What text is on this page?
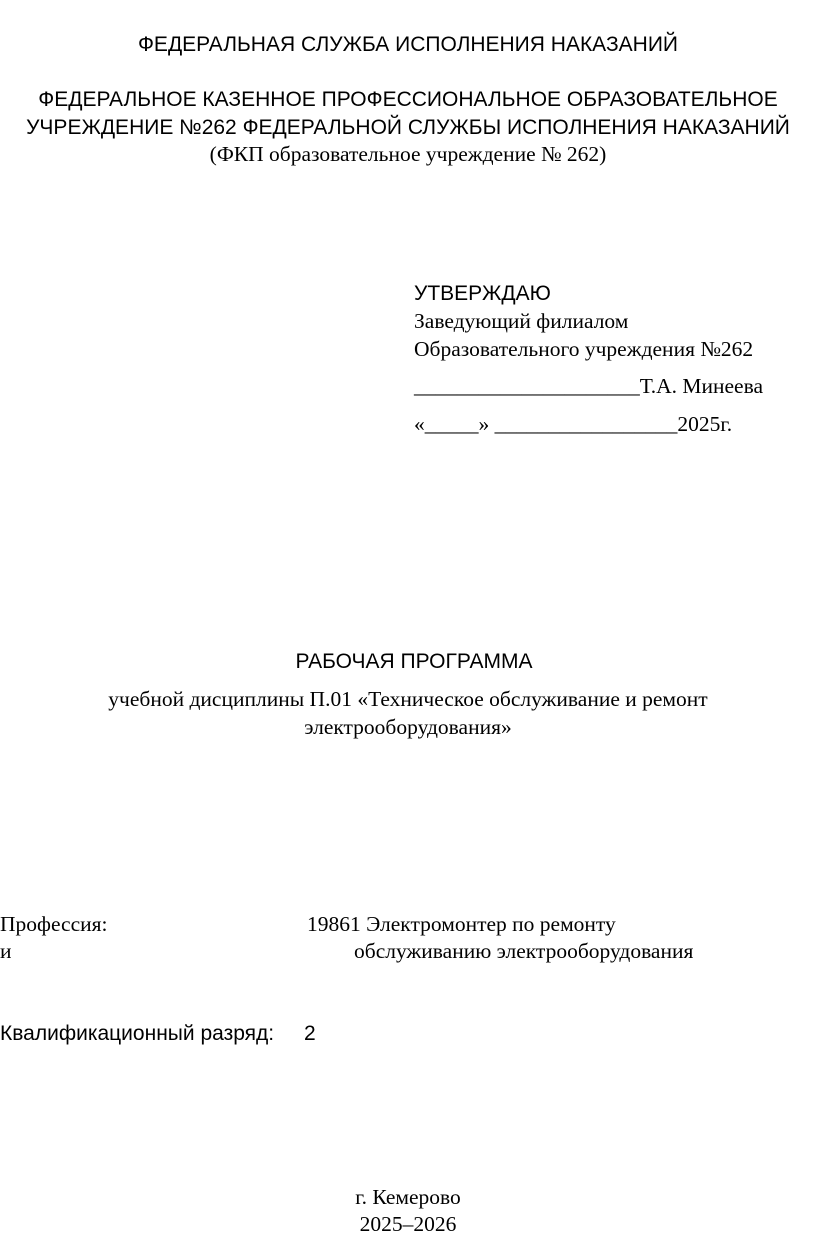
ФЕДЕРАЛЬНАЯ СЛУЖБА ИСПОЛНЕНИЯ НАКАЗАНИЙ
ФЕДЕРАЛЬНОЕ КАЗЕННОЕ ПРОФЕССИОНАЛЬНОЕ ОБРАЗОВАТЕЛЬНОЕ
УЧРЕЖДЕНИЕ №262 ФЕДЕРАЛЬНОЙ СЛУЖБЫ ИСПОЛНЕНИЯ НАКАЗАНИЙ
(ФКП образовательное учреждение № 262)
УТВЕРЖДАЮ
Заведующий филиалом
Образовательного учреждения №262
_____________________Т.А. Минеева
«_____» _________________2025г.
РАБОЧАЯ ПРОГРАММА
учебной дисциплины П.01 «Техническое обслуживание и ремонт
электрооборудования»
Профессия:
и
19861 Электромонтер по ремонту
обслуживанию электрооборудования
Квалификационный разряд: 2
г. Кемерово
2025–2026
